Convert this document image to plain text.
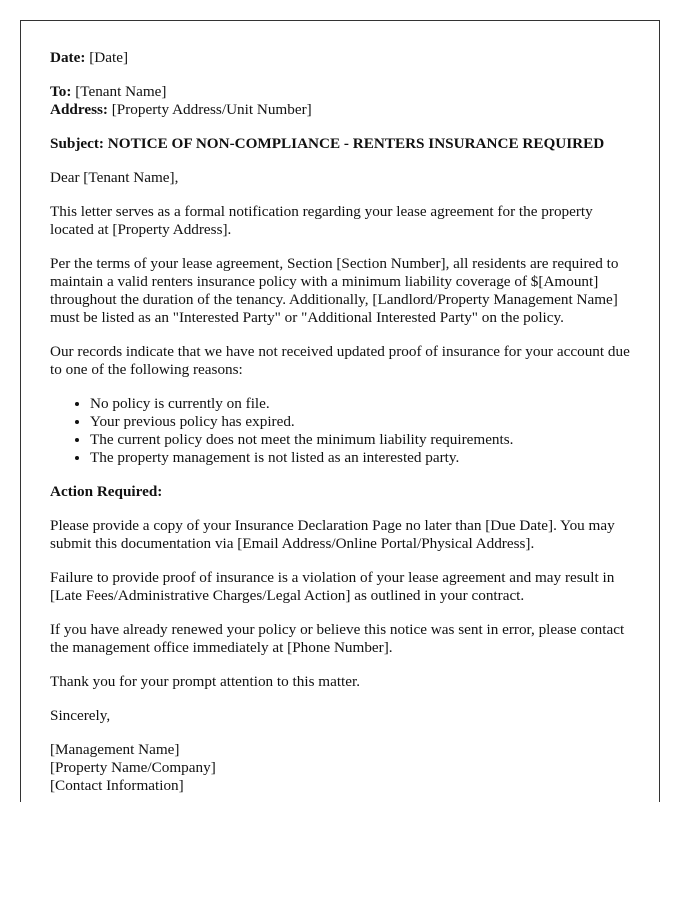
Date: [Date]

To: [Tenant Name]

Address: [Property Address/Unit Number]

Subject: NOTICE OF NON-COMPLIANCE - RENTERS INSURANCE REQUIRED

Dear [Tenant Name],

This letter serves as a formal notification regarding your lease agreement for the property located at [Property Address].

Per the terms of your lease agreement, Section [Section Number], all residents are required to maintain a valid renters insurance policy with a minimum liability coverage of $[Amount] throughout the duration of the tenancy. Additionally, [Landlord/Property Management Name] must be listed as an "Interested Party" or "Additional Interested Party" on the policy.

Our records indicate that we have not received updated proof of insurance for your account due to one of the following reasons:

• No policy is currently on file.
• Your previous policy has expired.
• The current policy does not meet the minimum liability requirements.
• The property management is not listed as an interested party.

Action Required:

Please provide a copy of your Insurance Declaration Page no later than [Due Date]. You may submit this documentation via [Email Address/Online Portal/Physical Address].

Failure to provide proof of insurance is a violation of your lease agreement and may result in [Late Fees/Administrative Charges/Legal Action] as outlined in your contract.

If you have already renewed your policy or believe this notice was sent in error, please contact the management office immediately at [Phone Number].

Thank you for your prompt attention to this matter.

Sincerely,

[Management Name]

[Property Name/Company]

[Contact Information]
